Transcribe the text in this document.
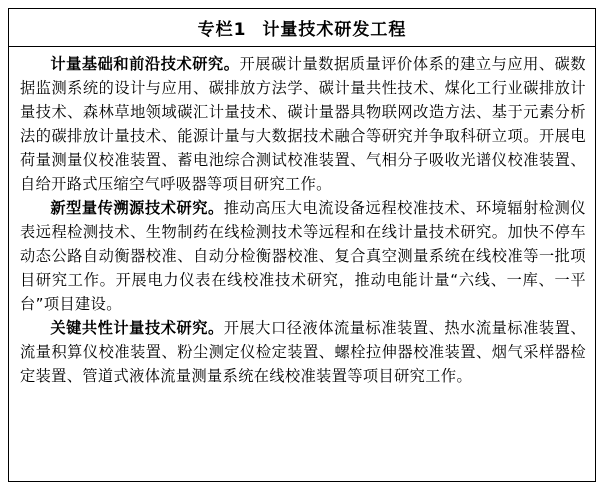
专栏1 计量技术研发工程

计量基础和前沿技术研究。开展碳计量数据质量评价体系的建立与应用、碳数据监测系统的设计与应用、碳排放方法学、碳计量共性技术、煤化工行业碳排放计量技术、森林草地领域碳汇计量技术、碳计量器具物联网改造方法、基于元素分析法的碳排放计量技术、能源计量与大数据技术融合等研究并争取科研立项。开展电荷量测量仪校准装置、蓄电池综合测试校准装置、气相分子吸收光谱仪校准装置、自给开路式压缩空气呼吸器等项目研究工作。

新型量传溯源技术研究。推动高压大电流设备远程校准技术、环境辐射检测仪表远程检测技术、生物制药在线检测技术等远程和在线计量技术研究。加快不停车动态公路自动衡器校准、自动分检衡器校准、复合真空测量系统在线校准等一批项目研究工作。开展电力仪表在线校准技术研究，推动电能计量“六线、一库、一平台”项目建设。

关键共性计量技术研究。开展大口径液体流量标准装置、热水流量标准装置、流量积算仪校准装置、粉尘测定仪检定装置、螺栓拉伸器校准装置、烟气采样器检定装置、管道式液体流量测量系统在线校准装置等项目研究工作。
